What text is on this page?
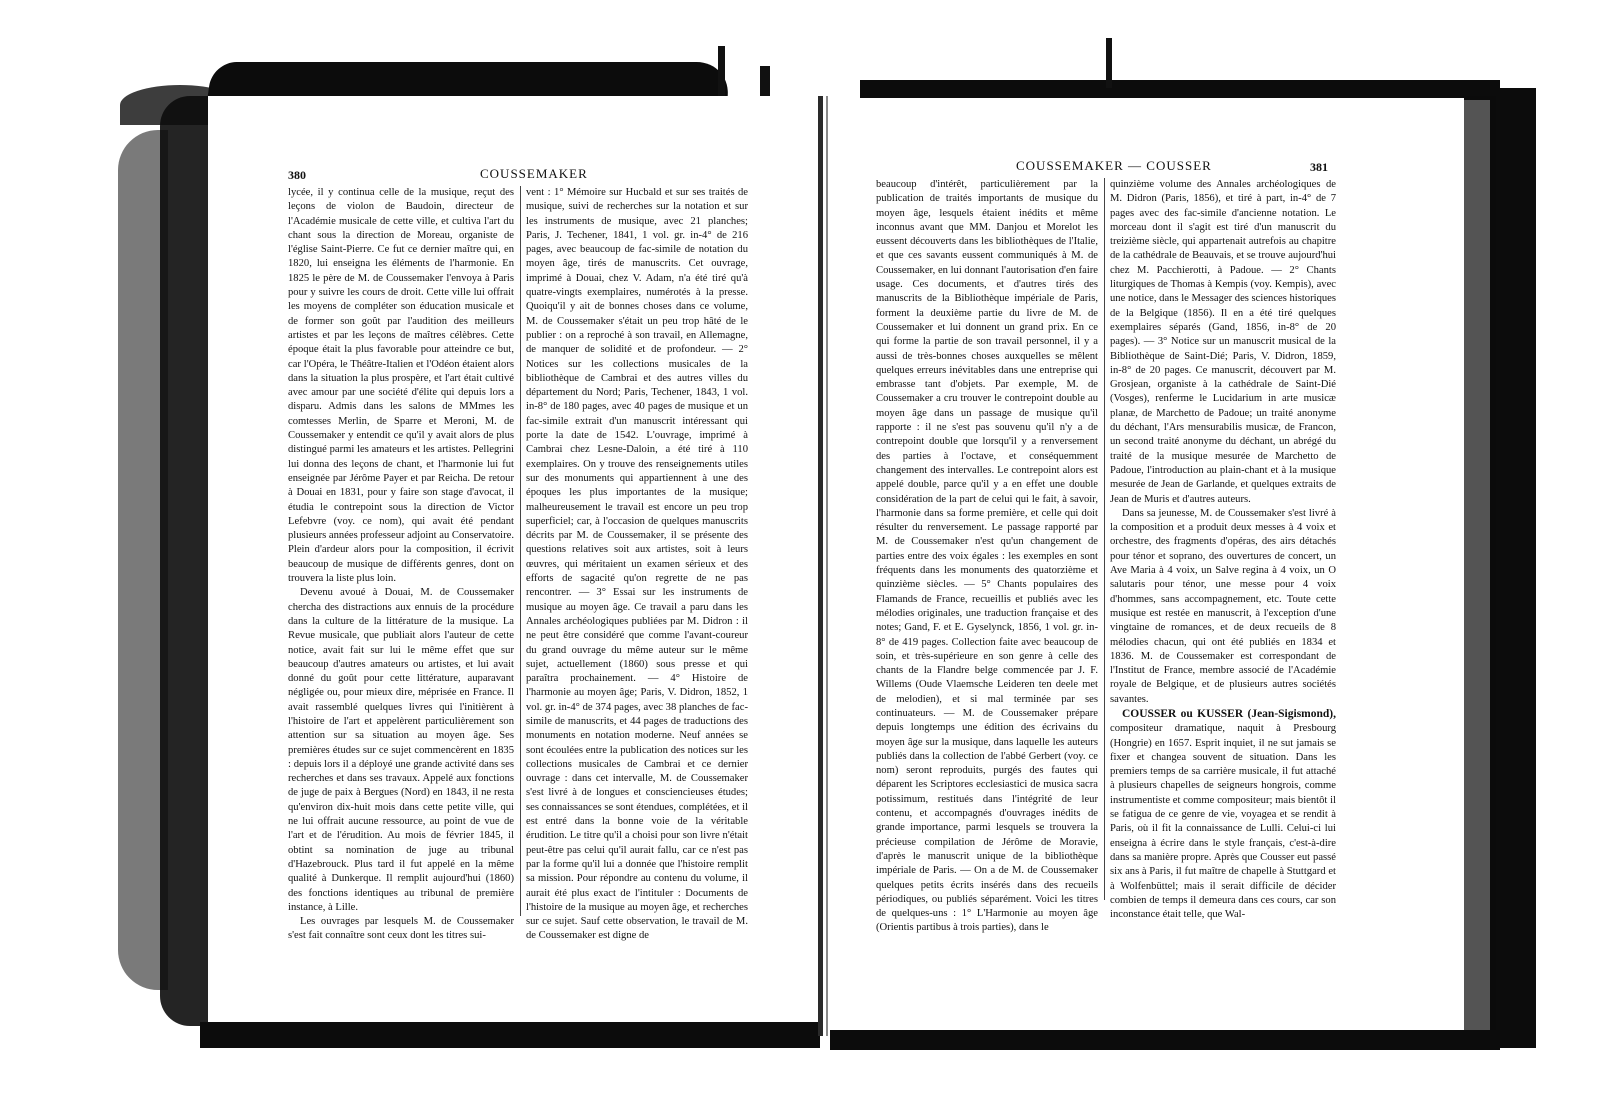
380	COUSSEMAKER

lycée, il y continua celle de la musique, reçut des leçons de violon de Baudoin, directeur de l'Académie musicale de cette ville, et cultiva l'art du chant sous la direction de Moreau, organiste de l'église Saint-Pierre. Ce fut ce dernier maître qui, en 1820, lui enseigna les éléments de l'harmonie. En 1825 le père de M. de Coussemaker l'envoya à Paris pour y suivre les cours de droit. Cette ville lui offrait les moyens de compléter son éducation musicale et de former son goût par l'audition des meilleurs artistes et par les leçons de maîtres célèbres. Cette époque était la plus favorable pour atteindre ce but, car l'Opéra, le Théâtre-Italien et l'Odéon étaient alors dans la situation la plus prospère, et l'art était cultivé avec amour par une société d'élite qui depuis lors a disparu. Admis dans les salons de MMmes les comtesses Merlin, de Sparre et Meroni, M. de Coussemaker y entendit ce qu'il y avait alors de plus distingué parmi les amateurs et les artistes. Pellegrini lui donna des leçons de chant, et l'harmonie lui fut enseignée par Jérôme Payer et par Reicha. De retour à Douai en 1831, pour y faire son stage d'avocat, il étudia le contrepoint sous la direction de Victor Lefebvre (voy. ce nom), qui avait été pendant plusieurs années professeur adjoint au Conservatoire. Plein d'ardeur alors pour la composition, il écrivit beaucoup de musique de différents genres, dont on trouvera la liste plus loin.

Devenu avoué à Douai, M. de Coussemaker chercha des distractions aux ennuis de la procédure dans la culture de la littérature de la musique. La Revue musicale, que publiait alors l'auteur de cette notice, avait fait sur lui le même effet que sur beaucoup d'autres amateurs ou artistes, et lui avait donné du goût pour cette littérature, auparavant négligée ou, pour mieux dire, méprisée en France. Il avait rassemblé quelques livres qui l'initièrent à l'histoire de l'art et appelèrent particulièrement son attention sur sa situation au moyen âge. Ses premières études sur ce sujet commencèrent en 1835 : depuis lors il a déployé une grande activité dans ses recherches et dans ses travaux. Appelé aux fonctions de juge de paix à Bergues (Nord) en 1843, il ne resta qu'environ dix-huit mois dans cette petite ville, qui ne lui offrait aucune ressource, au point de vue de l'art et de l'érudition. Au mois de février 1845, il obtint sa nomination de juge au tribunal d'Hazebrouck. Plus tard il fut appelé en la même qualité à Dunkerque. Il remplit aujourd'hui (1860) des fonctions identiques au tribunal de première instance, à Lille.

Les ouvrages par lesquels M. de Coussemaker s'est fait connaître sont ceux dont les titres sui-

vent : 1° Mémoire sur Hucbald et sur ses traités de musique, suivi de recherches sur la notation et sur les instruments de musique, avec 21 planches; Paris, J. Techener, 1841, 1 vol. gr. in-4° de 216 pages, avec beaucoup de fac-simile de notation du moyen âge, tirés de manuscrits. Cet ouvrage, imprimé à Douai, chez V. Adam, n'a été tiré qu'à quatre-vingts exemplaires, numérotés à la presse. Quoiqu'il y ait de bonnes choses dans ce volume, M. de Coussemaker s'était un peu trop hâté de le publier : on a reproché à son travail, en Allemagne, de manquer de solidité et de profondeur. — 2° Notices sur les collections musicales de la bibliothèque de Cambrai et des autres villes du département du Nord; Paris, Techener, 1843, 1 vol. in-8° de 180 pages, avec 40 pages de musique et un fac-simile extrait d'un manuscrit intéressant qui porte la date de 1542. L'ouvrage, imprimé à Cambrai chez Lesne-Daloin, a été tiré à 110 exemplaires. On y trouve des renseignements utiles sur des monuments qui appartiennent à une des époques les plus importantes de la musique; malheureusement le travail est encore un peu trop superficiel; car, à l'occasion de quelques manuscrits décrits par M. de Coussemaker, il se présente des questions relatives soit aux artistes, soit à leurs œuvres, qui méritaient un examen sérieux et des efforts de sagacité qu'on regrette de ne pas rencontrer. — 3° Essai sur les instruments de musique au moyen âge. Ce travail a paru dans les Annales archéologiques publiées par M. Didron : il ne peut être considéré que comme l'avant-coureur du grand ouvrage du même auteur sur le même sujet, actuellement (1860) sous presse et qui paraîtra prochainement. — 4° Histoire de l'harmonie au moyen âge; Paris, V. Didron, 1852, 1 vol. gr. in-4° de 374 pages, avec 38 planches de fac-simile de manuscrits, et 44 pages de traductions des monuments en notation moderne. Neuf années se sont écoulées entre la publication des notices sur les collections musicales de Cambrai et ce dernier ouvrage : dans cet intervalle, M. de Coussemaker s'est livré à de longues et consciencieuses études; ses connaissances se sont étendues, complétées, et il est entré dans la bonne voie de la véritable érudition. Le titre qu'il a choisi pour son livre n'était peut-être pas celui qu'il aurait fallu, car ce n'est pas par la forme qu'il lui a donnée que l'histoire remplit sa mission. Pour répondre au contenu du volume, il aurait été plus exact de l'intituler : Documents de l'histoire de la musique au moyen âge, et recherches sur ce sujet. Sauf cette observation, le travail de M. de Coussemaker est digne de

COUSSEMAKER — COUSSER	381

beaucoup d'intérêt, particulièrement par la publication de traités importants de musique du moyen âge, lesquels étaient inédits et même inconnus avant que MM. Danjou et Morelot les eussent découverts dans les bibliothèques de l'Italie, et que ces savants eussent communiqués à M. de Coussemaker, en lui donnant l'autorisation d'en faire usage. Ces documents, et d'autres tirés des manuscrits de la Bibliothèque impériale de Paris, forment la deuxième partie du livre de M. de Coussemaker et lui donnent un grand prix. En ce qui forme la partie de son travail personnel, il y a aussi de très-bonnes choses auxquelles se mêlent quelques erreurs inévitables dans une entreprise qui embrasse tant d'objets. Par exemple, M. de Coussemaker a cru trouver le contrepoint double au moyen âge dans un passage de musique qu'il rapporte : il ne s'est pas souvenu qu'il n'y a de contrepoint double que lorsqu'il y a renversement des parties à l'octave, et conséquemment changement des intervalles. Le contrepoint alors est appelé double, parce qu'il y a en effet une double considération de la part de celui qui le fait, à savoir, l'harmonie dans sa forme première, et celle qui doit résulter du renversement. Le passage rapporté par M. de Coussemaker n'est qu'un changement de parties entre des voix égales : les exemples en sont fréquents dans les monuments des quatorzième et quinzième siècles. — 5° Chants populaires des Flamands de France, recueillis et publiés avec les mélodies originales, une traduction française et des notes; Gand, F. et E. Gyselynck, 1856, 1 vol. gr. in-8° de 419 pages. Collection faite avec beaucoup de soin, et très-supérieure en son genre à celle des chants de la Flandre belge commencée par J. F. Willems (Oude Vlaemsche Leideren ten deele met de melodien), et si mal terminée par ses continuateurs. — M. de Coussemaker prépare depuis longtemps une édition des écrivains du moyen âge sur la musique, dans laquelle les auteurs publiés dans la collection de l'abbé Gerbert (voy. ce nom) seront reproduits, purgés des fautes qui déparent les Scriptores ecclesiastici de musica sacra potissimum, restitués dans l'intégrité de leur contenu, et accompagnés d'ouvrages inédits de grande importance, parmi lesquels se trouvera la précieuse compilation de Jérôme de Moravie, d'après le manuscrit unique de la bibliothèque impériale de Paris. — On a de M. de Coussemaker quelques petits écrits insérés dans des recueils périodiques, ou publiés séparément. Voici les titres de quelques-uns : 1° L'Harmonie au moyen âge (Orientis partibus à trois parties), dans le

quinzième volume des Annales archéologiques de M. Didron (Paris, 1856), et tiré à part, in-4° de 7 pages avec des fac-simile d'ancienne notation. Le morceau dont il s'agit est tiré d'un manuscrit du treizième siècle, qui appartenait autrefois au chapitre de la cathédrale de Beauvais, et se trouve aujourd'hui chez M. Pacchierotti, à Padoue. — 2° Chants liturgiques de Thomas à Kempis (voy. Kempis), avec une notice, dans le Messager des sciences historiques de la Belgique (1856). Il en a été tiré quelques exemplaires séparés (Gand, 1856, in-8° de 20 pages). — 3° Notice sur un manuscrit musical de la Bibliothèque de Saint-Dié; Paris, V. Didron, 1859, in-8° de 20 pages. Ce manuscrit, découvert par M. Grosjean, organiste à la cathédrale de Saint-Dié (Vosges), renferme le Lucidarium in arte musicæ planæ, de Marchetto de Padoue; un traité anonyme du déchant, l'Ars mensurabilis musicæ, de Francon, un second traité anonyme du déchant, un abrégé du traité de la musique mesurée de Marchetto de Padoue, l'introduction au plain-chant et à la musique mesurée de Jean de Garlande, et quelques extraits de Jean de Muris et d'autres auteurs.

Dans sa jeunesse, M. de Coussemaker s'est livré à la composition et a produit deux messes à 4 voix et orchestre, des fragments d'opéras, des airs détachés pour ténor et soprano, des ouvertures de concert, un Ave Maria à 4 voix, un Salve regina à 4 voix, un O salutaris pour ténor, une messe pour 4 voix d'hommes, sans accompagnement, etc. Toute cette musique est restée en manuscrit, à l'exception d'une vingtaine de romances, et de deux recueils de 8 mélodies chacun, qui ont été publiés en 1834 et 1836. M. de Coussemaker est correspondant de l'Institut de France, membre associé de l'Académie royale de Belgique, et de plusieurs autres sociétés savantes.

COUSSER ou KUSSER (Jean-Sigismond), compositeur dramatique, naquit à Presbourg (Hongrie) en 1657. Esprit inquiet, il ne sut jamais se fixer et changea souvent de situation. Dans les premiers temps de sa carrière musicale, il fut attaché à plusieurs chapelles de seigneurs hongrois, comme instrumentiste et comme compositeur; mais bientôt il se fatigua de ce genre de vie, voyagea et se rendit à Paris, où il fit la connaissance de Lulli. Celui-ci lui enseigna à écrire dans le style français, c'est-à-dire dans sa manière propre. Après que Cousser eut passé six ans à Paris, il fut maître de chapelle à Stuttgard et à Wolfenbüttel; mais il serait difficile de décider combien de temps il demeura dans ces cours, car son inconstance était telle, que Wal-
